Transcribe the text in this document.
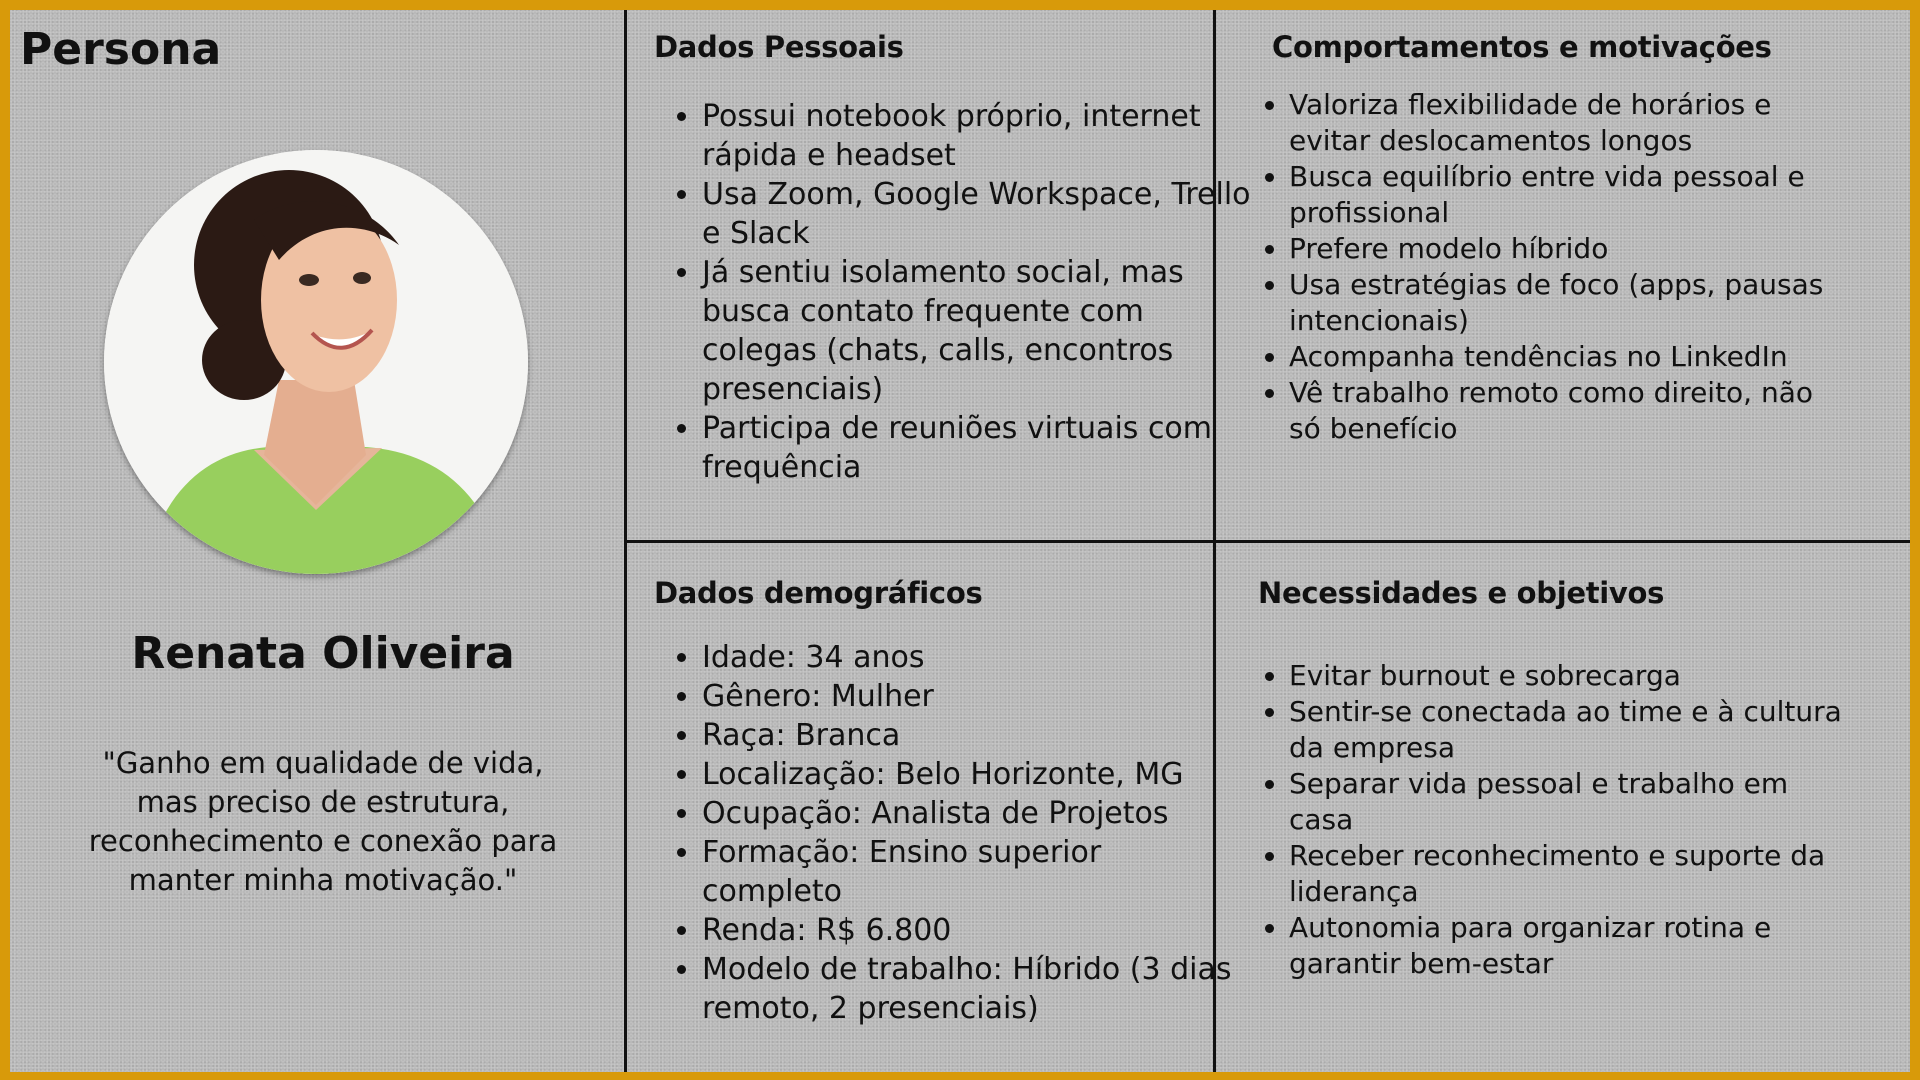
Persona
Renata Oliveira

"Ganho em qualidade de vida, mas preciso de estrutura, reconhecimento e conexão para manter minha motivação."

Dados Pessoais
• Possui notebook próprio, internet rápida e headset
• Usa Zoom, Google Workspace, Trello e Slack
• Já sentiu isolamento social, mas busca contato frequente com colegas (chats, calls, encontros presenciais)
• Participa de reuniões virtuais com frequência
Comportamentos e motivações
• Valoriza flexibilidade de horários e evitar deslocamentos longos
• Busca equilíbrio entre vida pessoal e profissional
• Prefere modelo híbrido
• Usa estratégias de foco (apps, pausas intencionais)
• Acompanha tendências no LinkedIn
• Vê trabalho remoto como direito, não só benefício
Dados demográficos
• Idade: 34 anos
• Gênero: Mulher
• Raça: Branca
• Localização: Belo Horizonte, MG
• Ocupação: Analista de Projetos
• Formação: Ensino superior completo
• Renda: R$ 6.800
• Modelo de trabalho: Híbrido (3 dias remoto, 2 presenciais)
Necessidades e objetivos
• Evitar burnout e sobrecarga
• Sentir-se conectada ao time e à cultura da empresa
• Separar vida pessoal e trabalho em casa
• Receber reconhecimento e suporte da liderança
• Autonomia para organizar rotina e garantir bem-estar
